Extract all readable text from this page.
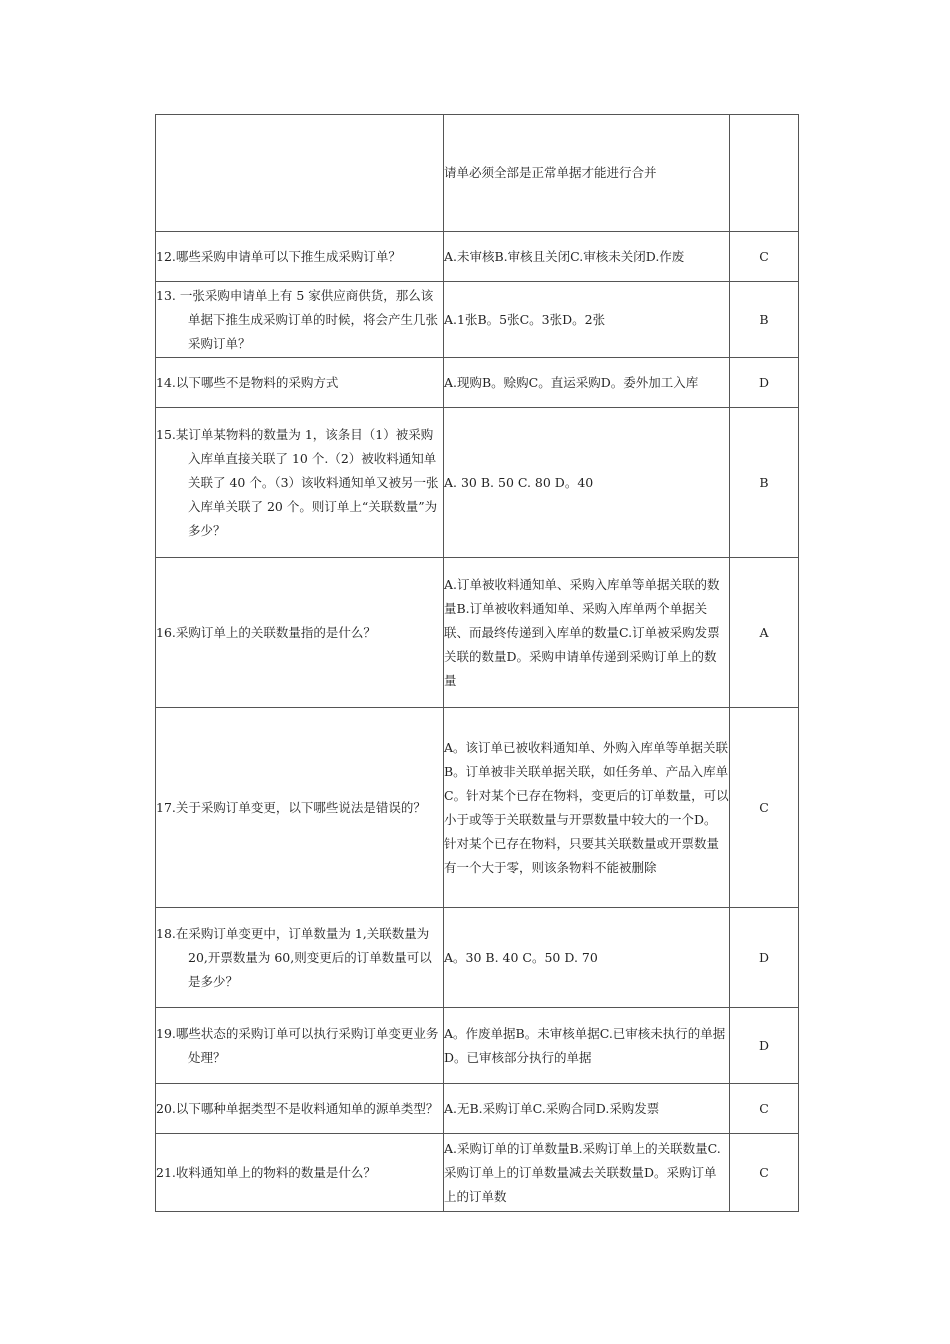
	请单必须全部是正常单据才能进行合并	

12.哪些采购申请单可以下推生成采购订单？	A.未审核B.审核且关闭C.审核未关闭D.作废	C

13. 一张采购申请单上有 5 家供应商供货，那么该单据下推生成采购订单的时候，将会产生几张采购订单？	A.1张B。5张C。3张D。2张	B

14.以下哪些不是物料的采购方式	A.现购B。赊购C。直运采购D。委外加工入库	D

15.某订单某物料的数量为 1，该条目（1）被采购入库单直接关联了 10 个.（2）被收料通知单关联了 40 个。（3）该收料通知单又被另一张入库单关联了 20 个。则订单上“关联数量”为多少？	A. 30 B. 50 C. 80 D。40	B

16.采购订单上的关联数量指的是什么？	A.订单被收料通知单、采购入库单等单据关联的数量B.订单被收料通知单、采购入库单两个单据关联、而最终传递到入库单的数量C.订单被采购发票关联的数量D。采购申请单传递到采购订单上的数量	A

17.关于采购订单变更，以下哪些说法是错误的？	A。该订单已被收料通知单、外购入库单等单据关联B。订单被非关联单据关联，如任务单、产品入库单C。针对某个已存在物料，变更后的订单数量，可以小于或等于关联数量与开票数量中较大的一个D。针对某个已存在物料，只要其关联数量或开票数量有一个大于零，则该条物料不能被删除	C

18.在采购订单变更中，订单数量为 1,关联数量为 20,开票数量为 60,则变更后的订单数量可以是多少？	A。30 B. 40 C。50 D. 70	D

19.哪些状态的采购订单可以执行采购订单变更业务处理？	A。作废单据B。未审核单据C.已审核未执行的单据D。已审核部分执行的单据	D

20.以下哪种单据类型不是收料通知单的源单类型？	A.无B.采购订单C.采购合同D.采购发票	C

21.收料通知单上的物料的数量是什么？	A.采购订单的订单数量B.采购订单上的关联数量C.采购订单上的订单数量减去关联数量D。采购订单上的订单数	C
